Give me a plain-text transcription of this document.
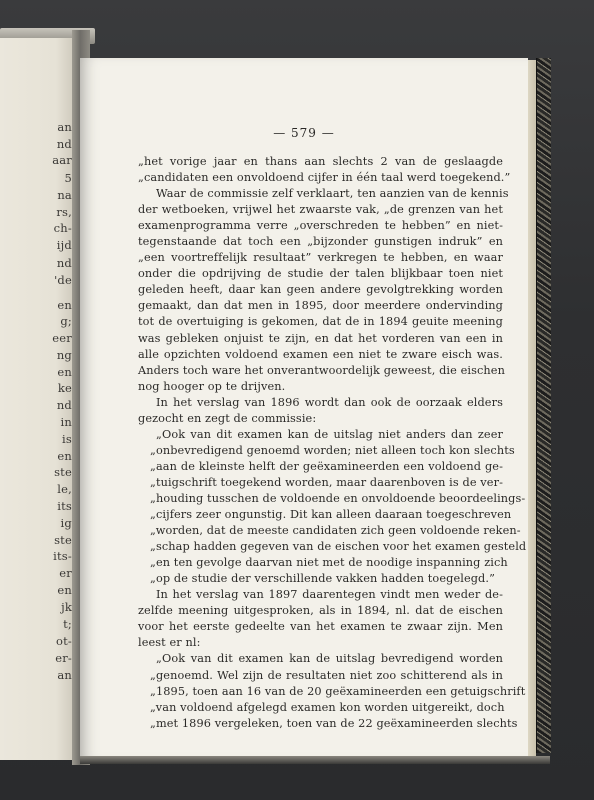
an
nd
aar
5
na
rs,
ch-
ijd
nd
'de
en
g;
eer
ng
en
ke
nd
in
is
en
ste
le,
its
ig
ste
its-
er
en
jk
t;
ot-
er-
an
— 579 —
„het vorige jaar en thans aan slechts 2 van de geslaagde
„candidaten een onvoldoend cijfer in één taal werd toegekend.”
Waar de commissie zelf verklaart, ten aanzien van de kennis
der wetboeken, vrijwel het zwaarste vak, „de grenzen van het
examenprogramma verre „overschreden te hebben” en niet-
tegenstaande dat toch een „bijzonder gunstigen indruk” en
„een voortreffelijk resultaat” verkregen te hebben, en waar
onder die opdrijving de studie der talen blijkbaar toen niet
geleden heeft, daar kan geen andere gevolgtrekking worden
gemaakt, dan dat men in 1895, door meerdere ondervinding
tot de overtuiging is gekomen, dat de in 1894 geuite meening
was gebleken onjuist te zijn, en dat het vorderen van een in
alle opzichten voldoend examen een niet te zware eisch was.
Anders toch ware het onverantwoordelijk geweest, die eischen
nog hooger op te drijven.
In het verslag van 1896 wordt dan ook de oorzaak elders
gezocht en zegt de commissie:
„Ook van dit examen kan de uitslag niet anders dan zeer
„onbevredigend genoemd worden; niet alleen toch kon slechts
„aan de kleinste helft der geëxamineerden een voldoend ge-
„tuigschrift toegekend worden, maar daarenboven is de ver-
„houding tusschen de voldoende en onvoldoende beoordeelings-
„cijfers zeer ongunstig. Dit kan alleen daaraan toegeschreven
„worden, dat de meeste candidaten zich geen voldoende reken-
„schap hadden gegeven van de eischen voor het examen gesteld
„en ten gevolge daarvan niet met de noodige inspanning zich
„op de studie der verschillende vakken hadden toegelegd.”
In het verslag van 1897 daarentegen vindt men weder de-
zelfde meening uitgesproken, als in 1894, nl. dat de eischen
voor het eerste gedeelte van het examen te zwaar zijn. Men
leest er nl:
„Ook van dit examen kan de uitslag bevredigend worden
„genoemd. Wel zijn de resultaten niet zoo schitterend als in
„1895, toen aan 16 van de 20 geëxamineerden een getuigschrift
„van voldoend afgelegd examen kon worden uitgereikt, doch
„met 1896 vergeleken, toen van de 22 geëxamineerden slechts
